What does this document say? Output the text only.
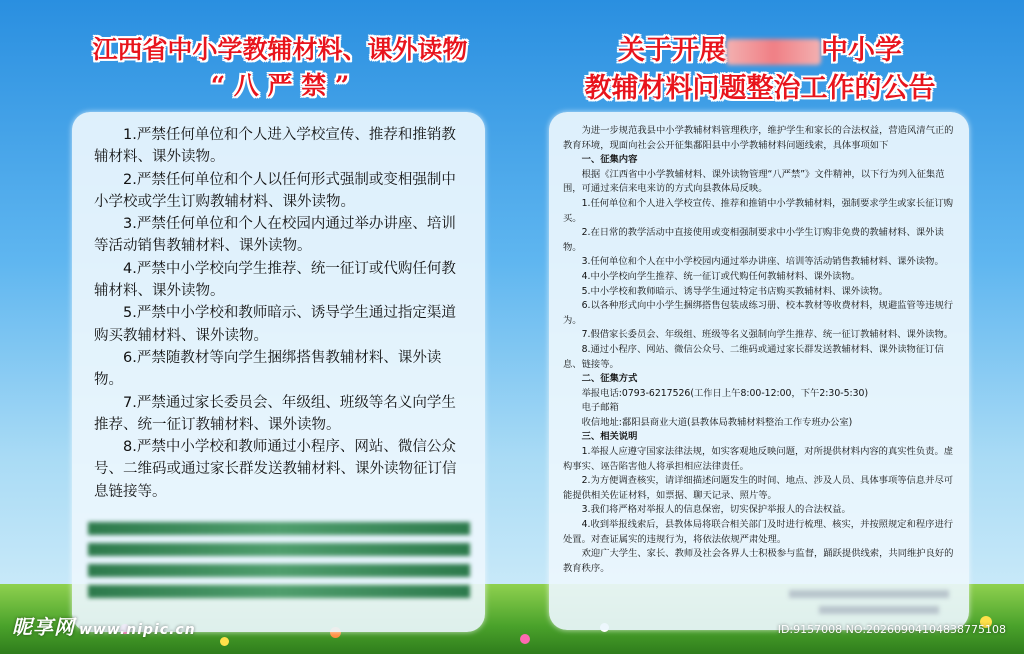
江西省中小学教辅材料、课外读物
“ 八 严 禁 ”
关于开展	中小学
教辅材料问题整治工作的公告

1.严禁任何单位和个人进入学校宣传、推荐和推销教辅材料、课外读物。

2.严禁任何单位和个人以任何形式强制或变相强制中小学校或学生订购教辅材料、课外读物。

3.严禁任何单位和个人在校园内通过举办讲座、培训等活动销售教辅材料、课外读物。

4.严禁中小学校向学生推荐、统一征订或代购任何教辅材料、课外读物。

5.严禁中小学校和教师暗示、诱导学生通过指定渠道购买教辅材料、课外读物。

6.严禁随教材等向学生捆绑搭售教辅材料、课外读物。

7.严禁通过家长委员会、年级组、班级等名义向学生推荐、统一征订教辅材料、课外读物。

8.严禁中小学校和教师通过小程序、网站、微信公众号、二维码或通过家长群发送教辅材料、课外读物征订信息链接等。

为进一步规范我县中小学教辅材料管理秩序，维护学生和家长的合法权益，营造风清气正的教育环境，现面向社会公开征集鄱阳县中小学教辅材料问题线索，具体事项如下

一、征集内容

根据《江西省中小学教辅材料、课外读物管理“八严禁”》文件精神，以下行为列入征集范围，可通过来信来电来访的方式向县教体局反映。

1.任何单位和个人进入学校宣传、推荐和推销中小学教辅材料，强制要求学生或家长征订购买。

2.在日常的教学活动中直接使用或变相强制要求中小学生订购非免费的教辅材料、课外读物。

3.任何单位和个人在中小学校园内通过举办讲座、培训等活动销售教辅材料、课外读物。

4.中小学校向学生推荐、统一征订或代购任何教辅材料、课外读物。

5.中小学校和教师暗示、诱导学生通过特定书店购买教辅材料、课外读物。

6.以各种形式向中小学生捆绑搭售包装成练习册、校本教材等收费材料，规避监管等违规行为。

7.假借家长委员会、年级组、班级等名义强制向学生推荐、统一征订教辅材料、课外读物。

8.通过小程序、网站、微信公众号、二维码或通过家长群发送教辅材料、课外读物征订信息、链接等。

二、征集方式

举报电话:0793-6217526(工作日上午8:00-12:00，下午2:30-5:30)

电子邮箱

收信地址:鄱阳县商业大道(县教体局教辅材料整治工作专班办公室)

三、相关说明

1.举报人应遵守国家法律法规，如实客观地反映问题，对所提供材料内容的真实性负责。虚构事实、诬告陷害他人将承担相应法律责任。

2.为方便调查核实，请详细描述问题发生的时间、地点、涉及人员、具体事项等信息并尽可能提供相关佐证材料，如票据、聊天记录、照片等。

3.我们将严格对举报人的信息保密，切实保护举报人的合法权益。

4.收到举报线索后，县教体局将联合相关部门及时进行梳理、核实，并按照规定和程序进行处置。对查证属实的违规行为，将依法依规严肃处理。

欢迎广大学生、家长、教师及社会各界人士积极参与监督，踊跃提供线索，共同维护良好的教育秩序。

昵享网 www.nipic.cn	ID:9157008 NO:20260904104838775108
